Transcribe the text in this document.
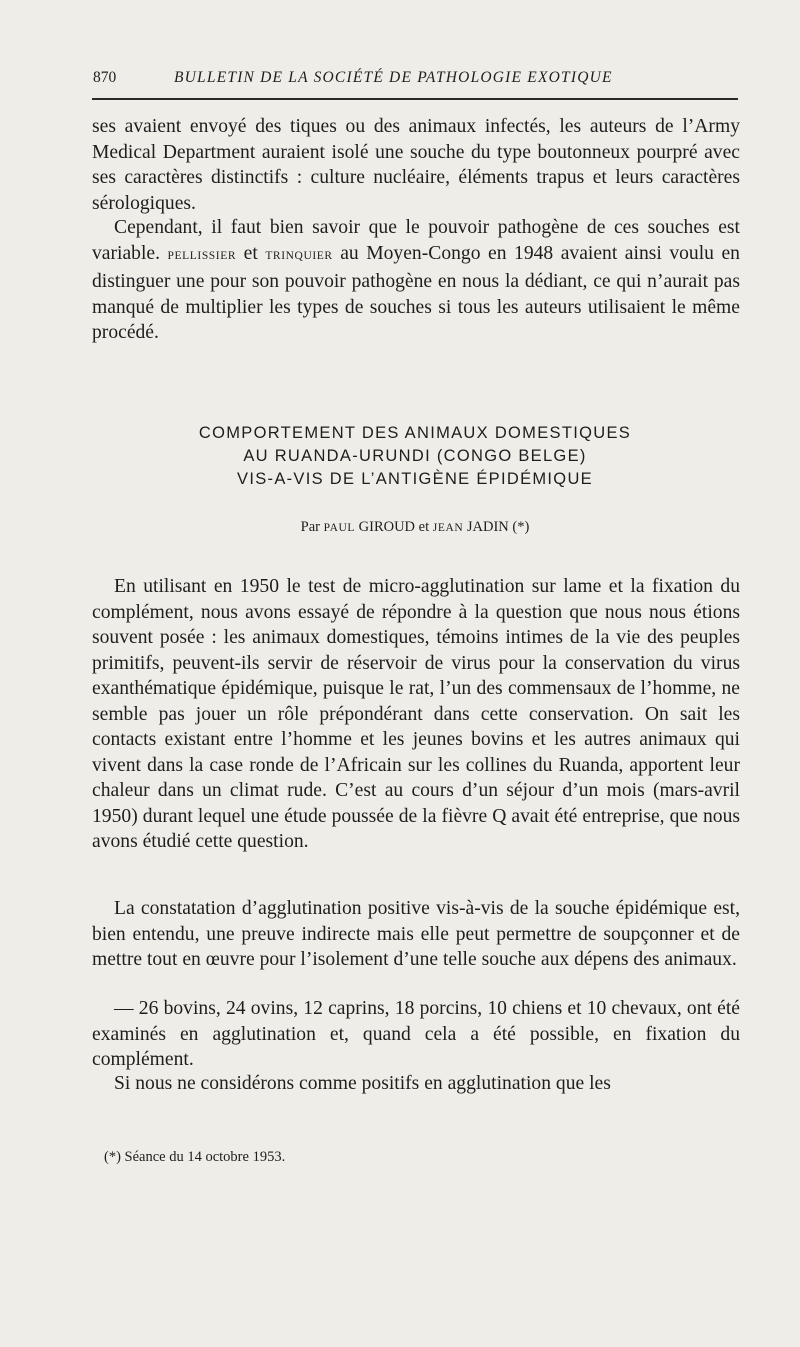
870	BULLETIN DE LA SOCIÉTÉ DE PATHOLOGIE EXOTIQUE

ses avaient envoyé des tiques ou des animaux infectés, les auteurs de l’Army Medical Department auraient isolé une souche du type boutonneux pourpré avec ses caractères distinctifs : culture nucléaire, éléments trapus et leurs caractères sérologiques.

Cependant, il faut bien savoir que le pouvoir pathogène de ces souches est variable. PELLISSIER et TRINQUIER au Moyen-Congo en 1948 avaient ainsi voulu en distinguer une pour son pouvoir pathogène en nous la dédiant, ce qui n’aurait pas manqué de multiplier les types de souches si tous les auteurs utilisaient le même procédé.

COMPORTEMENT DES ANIMAUX DOMESTIQUES
AU RUANDA-URUNDI (CONGO BELGE)
VIS-A-VIS DE L’ANTIGÈNE ÉPIDÉMIQUE
Par PAUL GIROUD et JEAN JADIN (*)

En utilisant en 1950 le test de micro-agglutination sur lame et la fixation du complément, nous avons essayé de répondre à la question que nous nous étions souvent posée : les animaux domestiques, témoins intimes de la vie des peuples primitifs, peuvent-ils servir de réservoir de virus pour la conservation du virus exanthématique épidémique, puisque le rat, l’un des commensaux de l’homme, ne semble pas jouer un rôle prépondérant dans cette conservation. On sait les contacts existant entre l’homme et les jeunes bovins et les autres animaux qui vivent dans la case ronde de l’Africain sur les collines du Ruanda, apportent leur chaleur dans un climat rude. C’est au cours d’un séjour d’un mois (mars-avril 1950) durant lequel une étude poussée de la fièvre Q avait été entreprise, que nous avons étudié cette question.

La constatation d’agglutination positive vis-à-vis de la souche épidémique est, bien entendu, une preuve indirecte mais elle peut permettre de soupçonner et de mettre tout en œuvre pour l’isolement d’une telle souche aux dépens des animaux.

— 26 bovins, 24 ovins, 12 caprins, 18 porcins, 10 chiens et 10 chevaux, ont été examinés en agglutination et, quand cela a été possible, en fixation du complément.

Si nous ne considérons comme positifs en agglutination que les

(*) Séance du 14 octobre 1953.
